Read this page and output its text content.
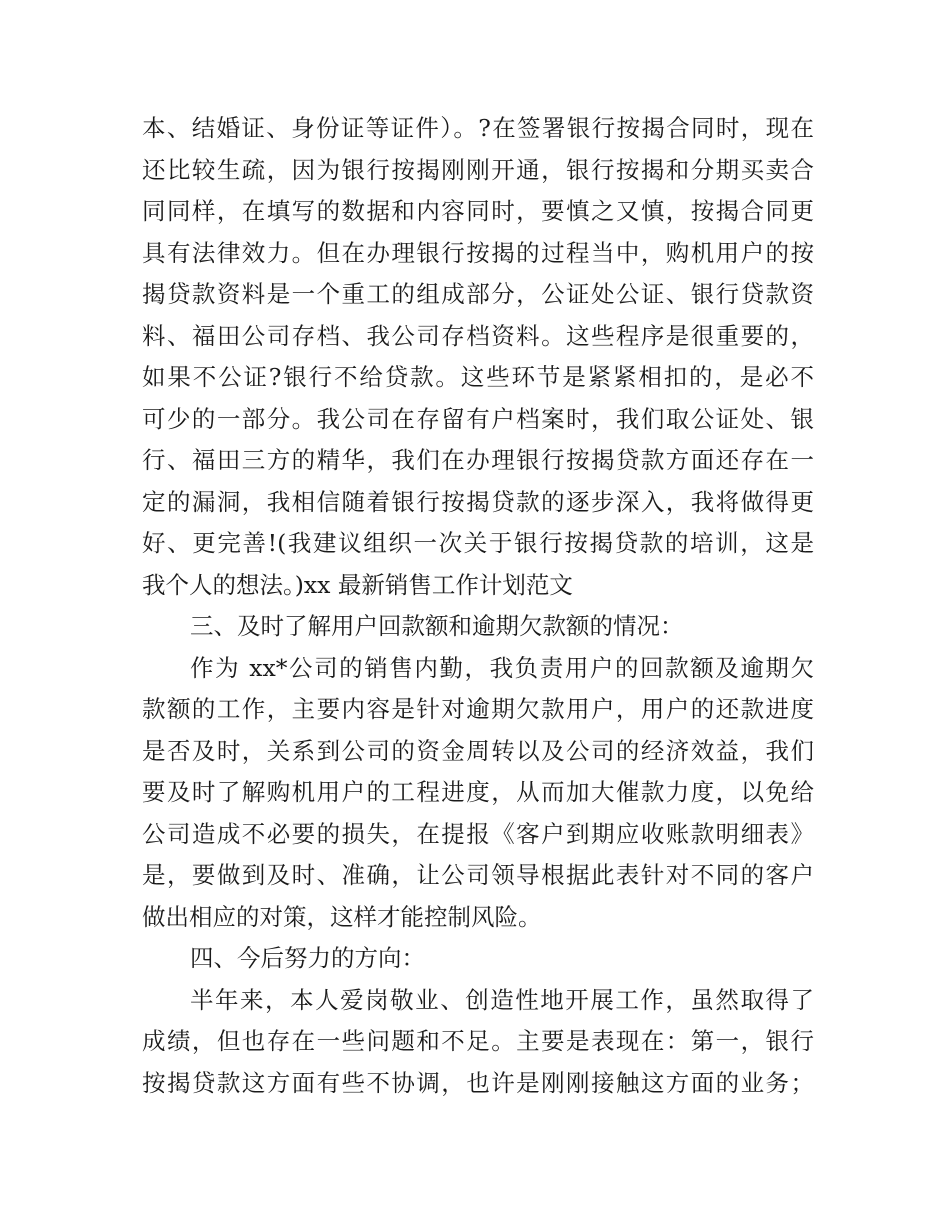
本、结婚证、身份证等证件）。?在签署银行按揭合同时，现在
还比较生疏，因为银行按揭刚刚开通，银行按揭和分期买卖合
同同样，在填写的数据和内容同时，要慎之又慎，按揭合同更
具有法律效力。但在办理银行按揭的过程当中，购机用户的按
揭贷款资料是一个重工的组成部分，公证处公证、银行贷款资
料、福田公司存档、我公司存档资料。这些程序是很重要的，
如果不公证?银行不给贷款。这些环节是紧紧相扣的，是必不
可少的一部分。我公司在存留有户档案时，我们取公证处、银
行、福田三方的精华，我们在办理银行按揭贷款方面还存在一
定的漏洞，我相信随着银行按揭贷款的逐步深入，我将做得更
好、更完善!(我建议组织一次关于银行按揭贷款的培训，这是
我个人的想法。)xx 最新销售工作计划范文
三、及时了解用户回款额和逾期欠款额的情况：
作为 xx*公司的销售内勤，我负责用户的回款额及逾期欠
款额的工作，主要内容是针对逾期欠款用户，用户的还款进度
是否及时，关系到公司的资金周转以及公司的经济效益，我们
要及时了解购机用户的工程进度，从而加大催款力度，以免给
公司造成不必要的损失，在提报《客户到期应收账款明细表》
是，要做到及时、准确，让公司领导根据此表针对不同的客户
做出相应的对策，这样才能控制风险。
四、今后努力的方向：
半年来，本人爱岗敬业、创造性地开展工作，虽然取得了
成绩，但也存在一些问题和不足。主要是表现在：第一，银行
按揭贷款这方面有些不协调，也许是刚刚接触这方面的业务；
